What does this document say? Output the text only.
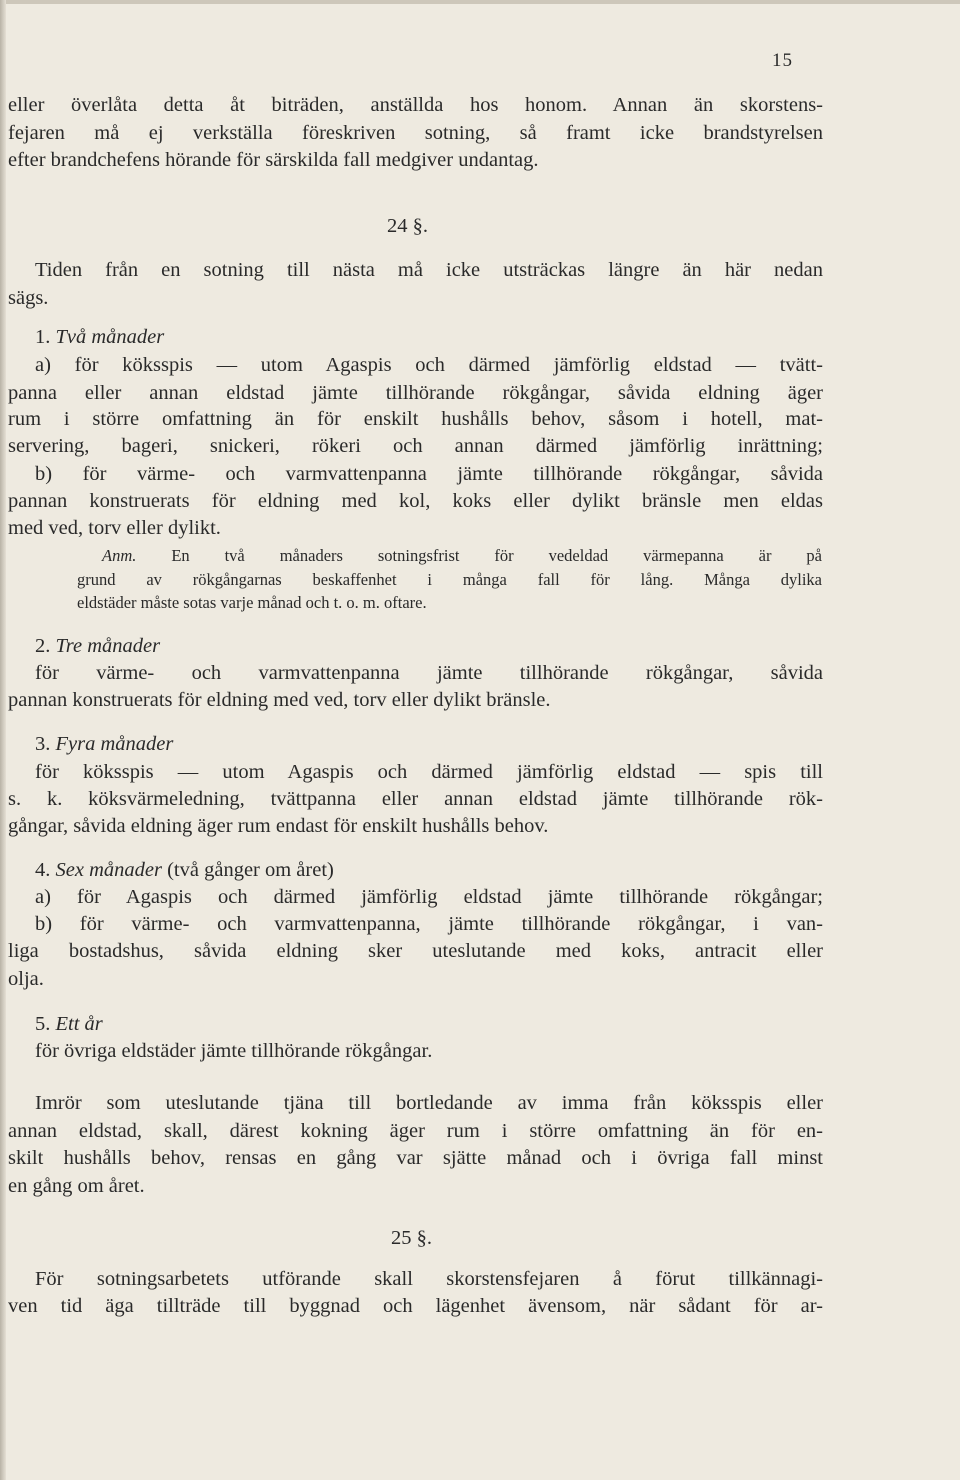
15
eller överlåta detta åt biträden, anställda hos honom. Annan än skorstens-
fejaren må ej verkställa föreskriven sotning, så framt icke brandstyrelsen
efter brandchefens hörande för särskilda fall medgiver undantag.
24 §.
Tiden från en sotning till nästa må icke utsträckas längre än här nedan
sägs.
1. Två månader
a) för köksspis — utom Agaspis och därmed jämförlig eldstad — tvätt-
panna eller annan eldstad jämte tillhörande rökgångar, såvida eldning äger
rum i större omfattning än för enskilt hushålls behov, såsom i hotell, mat-
servering, bageri, snickeri, rökeri och annan därmed jämförlig inrättning;
b) för värme- och varmvattenpanna jämte tillhörande rökgångar, såvida
pannan konstruerats för eldning med kol, koks eller dylikt bränsle men eldas
med ved, torv eller dylikt.
Anm. En två månaders sotningsfrist för vedeldad värmepanna är på
grund av rökgångarnas beskaffenhet i många fall för lång. Många dylika
eldstäder måste sotas varje månad och t. o. m. oftare.
2. Tre månader
för värme- och varmvattenpanna jämte tillhörande rökgångar, såvida
pannan konstruerats för eldning med ved, torv eller dylikt bränsle.
3. Fyra månader
för köksspis — utom Agaspis och därmed jämförlig eldstad — spis till
s. k. köksvärmeledning, tvättpanna eller annan eldstad jämte tillhörande rök-
gångar, såvida eldning äger rum endast för enskilt hushålls behov.
4. Sex månader (två gånger om året)
a) för Agaspis och därmed jämförlig eldstad jämte tillhörande rökgångar;
b) för värme- och varmvattenpanna, jämte tillhörande rökgångar, i van-
liga bostadshus, såvida eldning sker uteslutande med koks, antracit eller
olja.
5. Ett år
för övriga eldstäder jämte tillhörande rökgångar.
Imrör som uteslutande tjäna till bortledande av imma från köksspis eller
annan eldstad, skall, därest kokning äger rum i större omfattning än för en-
skilt hushålls behov, rensas en gång var sjätte månad och i övriga fall minst
en gång om året.
25 §.
För sotningsarbetets utförande skall skorstensfejaren å förut tillkännagi-
ven tid äga tillträde till byggnad och lägenhet ävensom, när sådant för ar-
